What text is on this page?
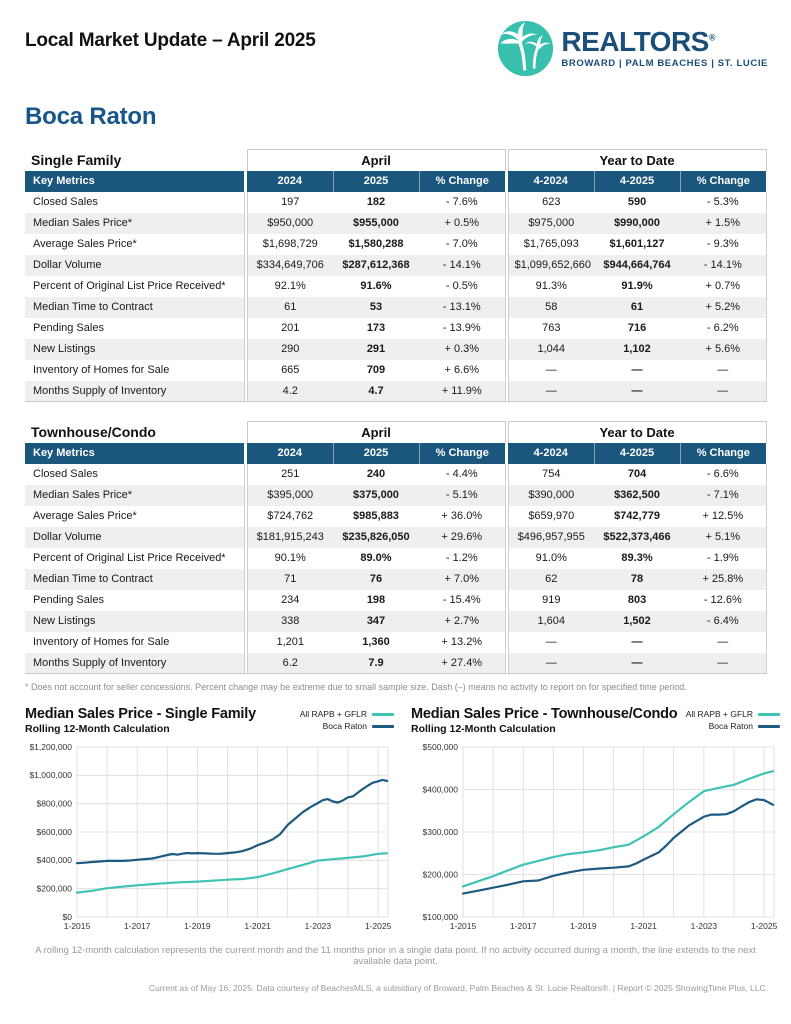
Local Market Update – April 2025	REALTORS®
BROWARD | PALM BEACHES | ST. LUCIE
Boca Raton
Single Family		April				Year to Date		
Key Metrics		2024	2025	% Change		4-2024	4-2025	% Change
Closed Sales		197	182	- 7.6%		623	590	- 5.3%
Median Sales Price*		$950,000	$955,000	+ 0.5%		$975,000	$990,000	+ 1.5%
Average Sales Price*		$1,698,729	$1,580,288	- 7.0%		$1,765,093	$1,601,127	- 9.3%
Dollar Volume		$334,649,706	$287,612,368	- 14.1%		$1,099,652,660	$944,664,764	- 14.1%
Percent of Original List Price Received*		92.1%	91.6%	- 0.5%		91.3%	91.9%	+ 0.7%
Median Time to Contract		61	53	- 13.1%		58	61	+ 5.2%
Pending Sales		201	173	- 13.9%		763	716	- 6.2%
New Listings		290	291	+ 0.3%		1,044	1,102	+ 5.6%
Inventory of Homes for Sale		665	709	+ 6.6%		—	—	—
Months Supply of Inventory		4.2	4.7	+ 11.9%		—	—	—
Townhouse/Condo		April				Year to Date		
Key Metrics		2024	2025	% Change		4-2024	4-2025	% Change
Closed Sales		251	240	- 4.4%		754	704	- 6.6%
Median Sales Price*		$395,000	$375,000	- 5.1%		$390,000	$362,500	- 7.1%
Average Sales Price*		$724,762	$985,883	+ 36.0%		$659,970	$742,779	+ 12.5%
Dollar Volume		$181,915,243	$235,826,050	+ 29.6%		$496,957,955	$522,373,466	+ 5.1%
Percent of Original List Price Received*		90.1%	89.0%	- 1.2%		91.0%	89.3%	- 1.9%
Median Time to Contract		71	76	+ 7.0%		62	78	+ 25.8%
Pending Sales		234	198	- 15.4%		919	803	- 12.6%
New Listings		338	347	+ 2.7%		1,604	1,502	- 6.4%
Inventory of Homes for Sale		1,201	1,360	+ 13.2%		—	—	—
Months Supply of Inventory		6.2	7.9	+ 27.4%		—	—	—
* Does not account for seller concessions. Percent change may be extreme due to small sample size. Dash (–) means no activity to report on for specified time period.
Median Sales Price - Single Family
Rolling 12-Month Calculation
All RAPB + GFLR
Boca Raton
$0
$200,000
$400,000
$600,000
$800,000
$1,000,000
$1,200,000
1-2015	1-2017	1-2019	1-2021	1-2023	1-2025
Median Sales Price - Townhouse/Condo
Rolling 12-Month Calculation
All RAPB + GFLR
Boca Raton
$100,000
$200,000
$300,000
$400,000
$500,000
1-2015	1-2017	1-2019	1-2021	1-2023	1-2025
A rolling 12-month calculation represents the current month and the 11 months prior in a single data point. If no activity occurred during a month, the line extends to the next available data point.
Current as of May 16, 2025. Data courtesy of BeachesMLS, a subsidiary of Broward, Palm Beaches & St. Lucie Realtors®. | Report © 2025 ShowingTime Plus, LLC.
